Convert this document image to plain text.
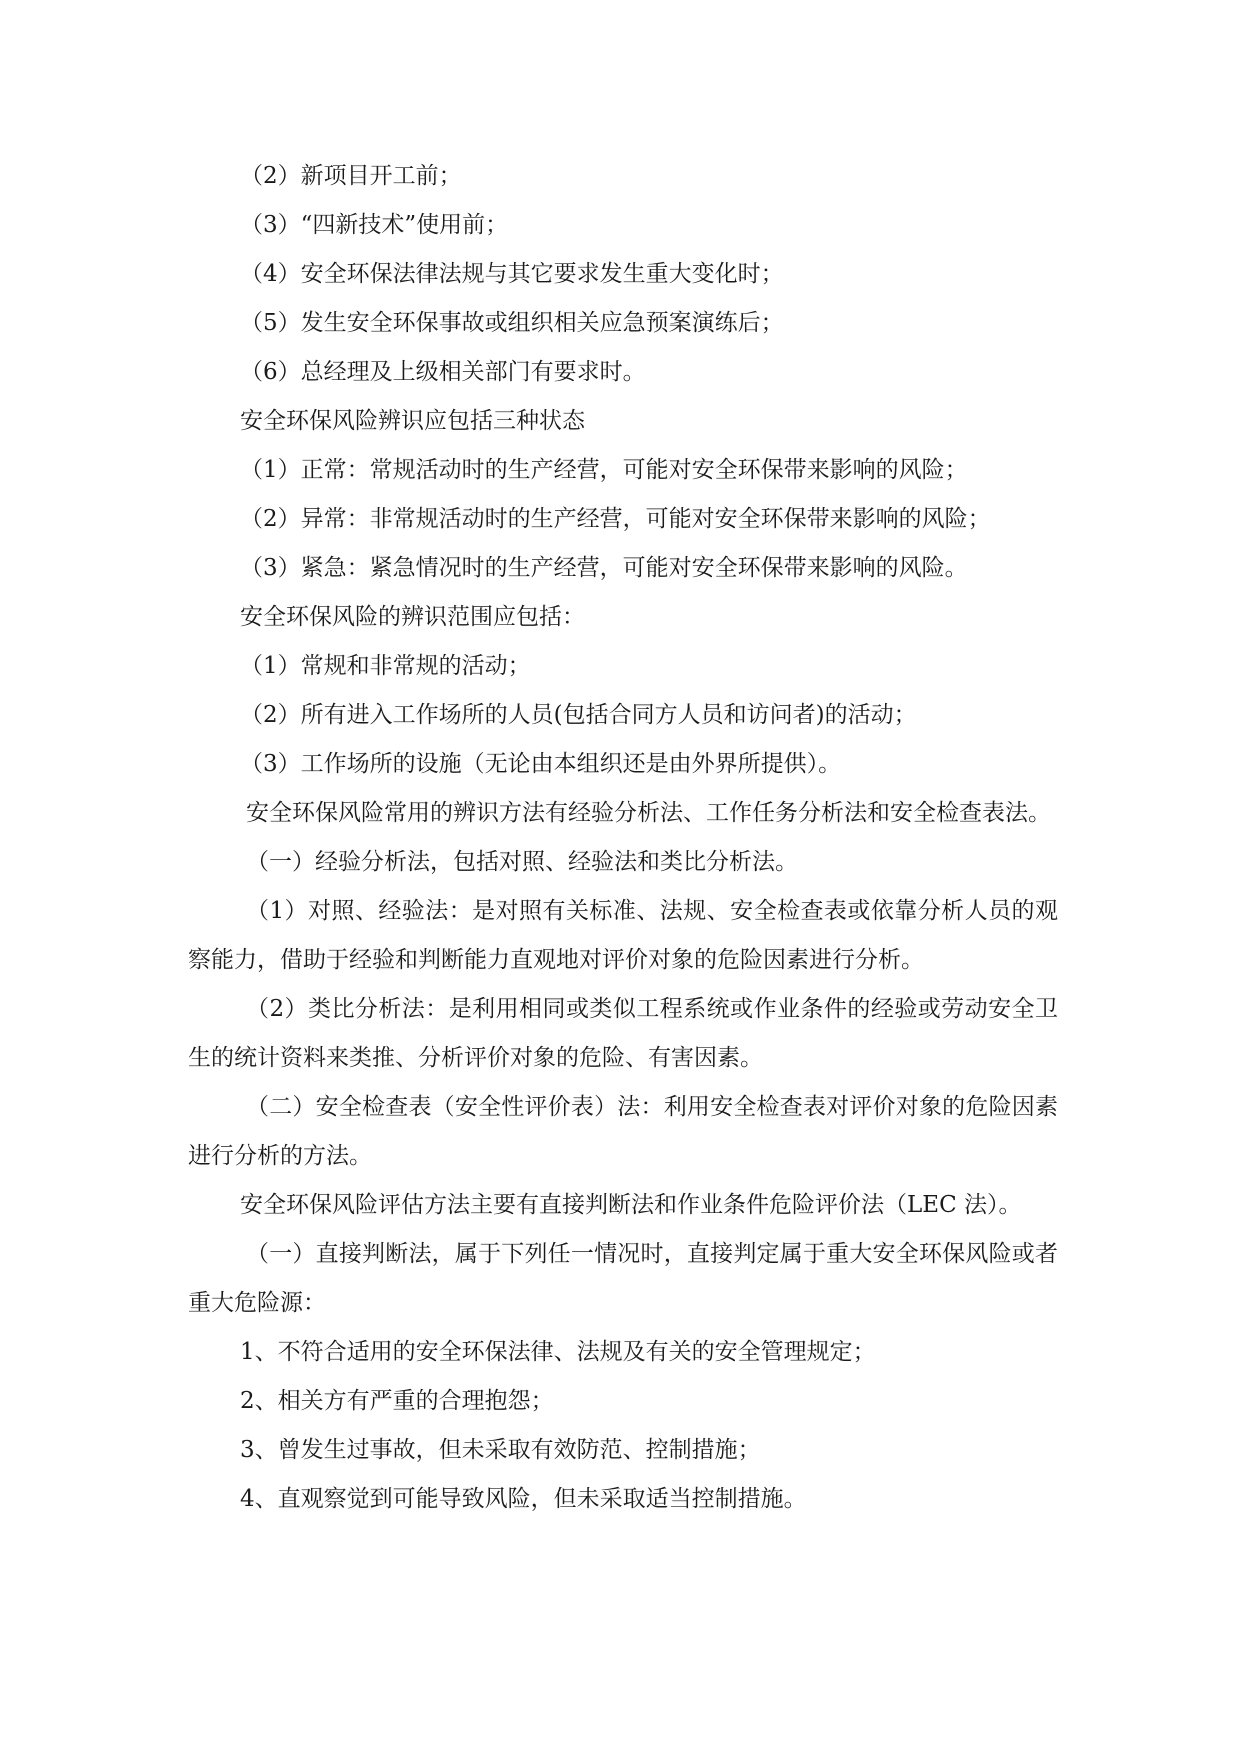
（2）新项目开工前；

（3）“四新技术”使用前；

（4）安全环保法律法规与其它要求发生重大变化时；

（5）发生安全环保事故或组织相关应急预案演练后；

（6）总经理及上级相关部门有要求时。

安全环保风险辨识应包括三种状态

（1）正常：常规活动时的生产经营，可能对安全环保带来影响的风险；

（2）异常：非常规活动时的生产经营，可能对安全环保带来影响的风险；

（3）紧急：紧急情况时的生产经营，可能对安全环保带来影响的风险。

安全环保风险的辨识范围应包括：

（1）常规和非常规的活动；

（2）所有进入工作场所的人员(包括合同方人员和访问者)的活动；

（3）工作场所的设施（无论由本组织还是由外界所提供）。

安全环保风险常用的辨识方法有经验分析法、工作任务分析法和安全检查表法。

（一）经验分析法，包括对照、经验法和类比分析法。

（1）对照、经验法：是对照有关标准、法规、安全检查表或依靠分析人员的观察能力，借助于经验和判断能力直观地对评价对象的危险因素进行分析。

（2）类比分析法：是利用相同或类似工程系统或作业条件的经验或劳动安全卫生的统计资料来类推、分析评价对象的危险、有害因素。

（二）安全检查表（安全性评价表）法：利用安全检查表对评价对象的危险因素进行分析的方法。

安全环保风险评估方法主要有直接判断法和作业条件危险评价法（LEC 法）。

（一）直接判断法，属于下列任一情况时，直接判定属于重大安全环保风险或者重大危险源：

1、不符合适用的安全环保法律、法规及有关的安全管理规定；

2、相关方有严重的合理抱怨；

3、曾发生过事故，但未采取有效防范、控制措施；

4、直观察觉到可能导致风险，但未采取适当控制措施。
